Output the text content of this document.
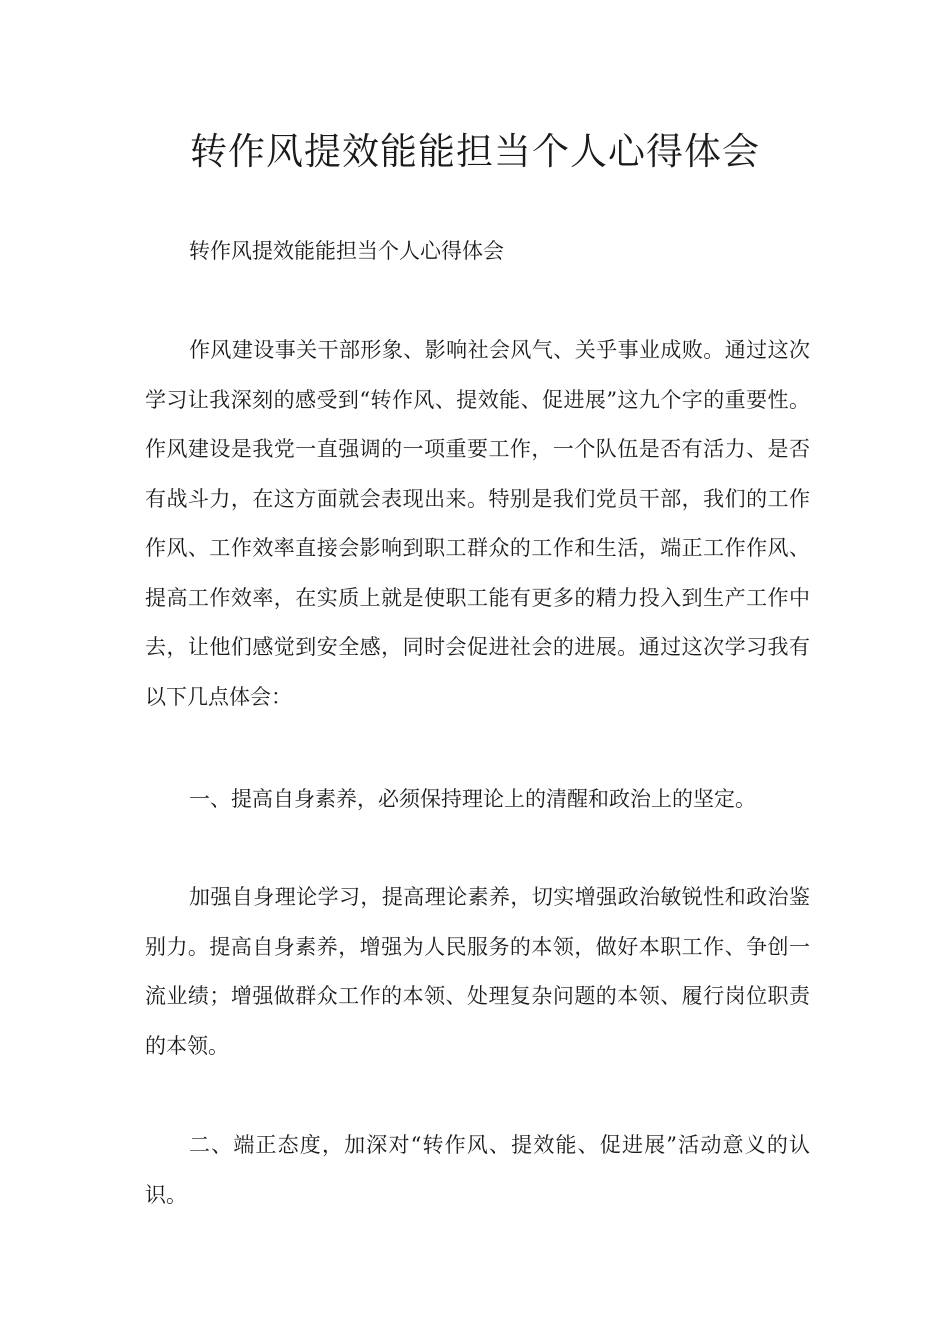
转作风提效能能担当个人心得体会

转作风提效能能担当个人心得体会

作风建设事关干部形象、影响社会风气、关乎事业成败。通过这次学习让我深刻的感受到“转作风、提效能、促进展”这九个字的重要性。作风建设是我党一直强调的一项重要工作，一个队伍是否有活力、是否有战斗力，在这方面就会表现出来。特别是我们党员干部，我们的工作作风、工作效率直接会影响到职工群众的工作和生活，端正工作作风、提高工作效率，在实质上就是使职工能有更多的精力投入到生产工作中去，让他们感觉到安全感，同时会促进社会的进展。通过这次学习我有以下几点体会：

一、提高自身素养，必须保持理论上的清醒和政治上的坚定。

加强自身理论学习，提高理论素养，切实增强政治敏锐性和政治鉴别力。提高自身素养，增强为人民服务的本领，做好本职工作、争创一流业绩；增强做群众工作的本领、处理复杂问题的本领、履行岗位职责的本领。

二、端正态度，加深对“转作风、提效能、促进展”活动意义的认识。
